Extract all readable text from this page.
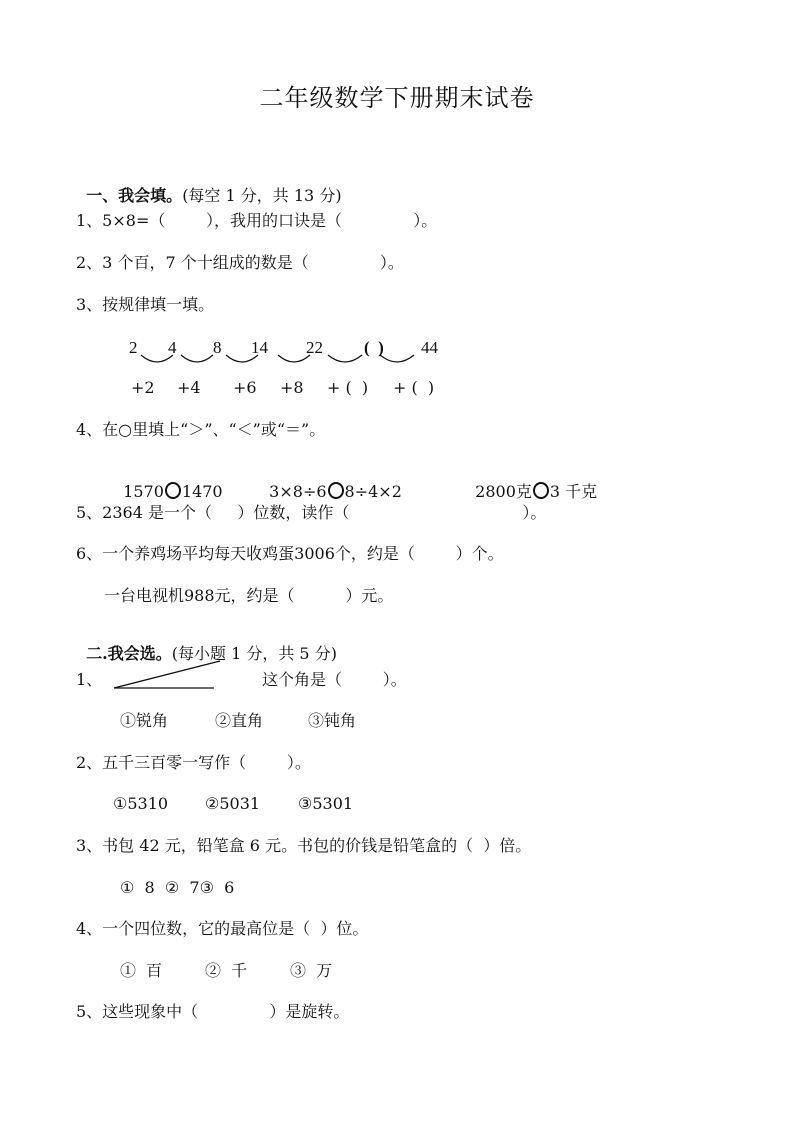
二年级数学下册期末试卷

一、我会填。(每空 1 分，共 13 分)

1、5×8=（        ），我用的口诀是（              ）。
2、3 个百，7 个十组成的数是（              ）。
3、按规律填一填。
2 4 8 14 22 (  ) 44
+2 +4 +6 +8 + (  ) + (  )
4、在○里填上“＞”、“＜”或“＝”。

1570 1470	3×8÷6 8÷4×2	2800克 3 千克

5、2364 是一个（     ）位数，读作（                                  ）。
6、一个养鸡场平均每天收鸡蛋3006个，约是（        ）个。
一台电视机988元，约是（          ）元。

二.我会选。(每小题 1 分，共 5 分)

1、	这个角是（        ）。
①锐角	②直角	③钝角
2、五千三百零一写作（        ）。
①5310 ②5031 ③5301
3、书包 42 元，铅笔盒 6 元。书包的价钱是铅笔盒的（  ）倍。
①  8  ②  7③  6
4、一个四位数，它的最高位是（  ）位。
①  百	②  千	③  万
5、这些现象中（              ）是旋转。
